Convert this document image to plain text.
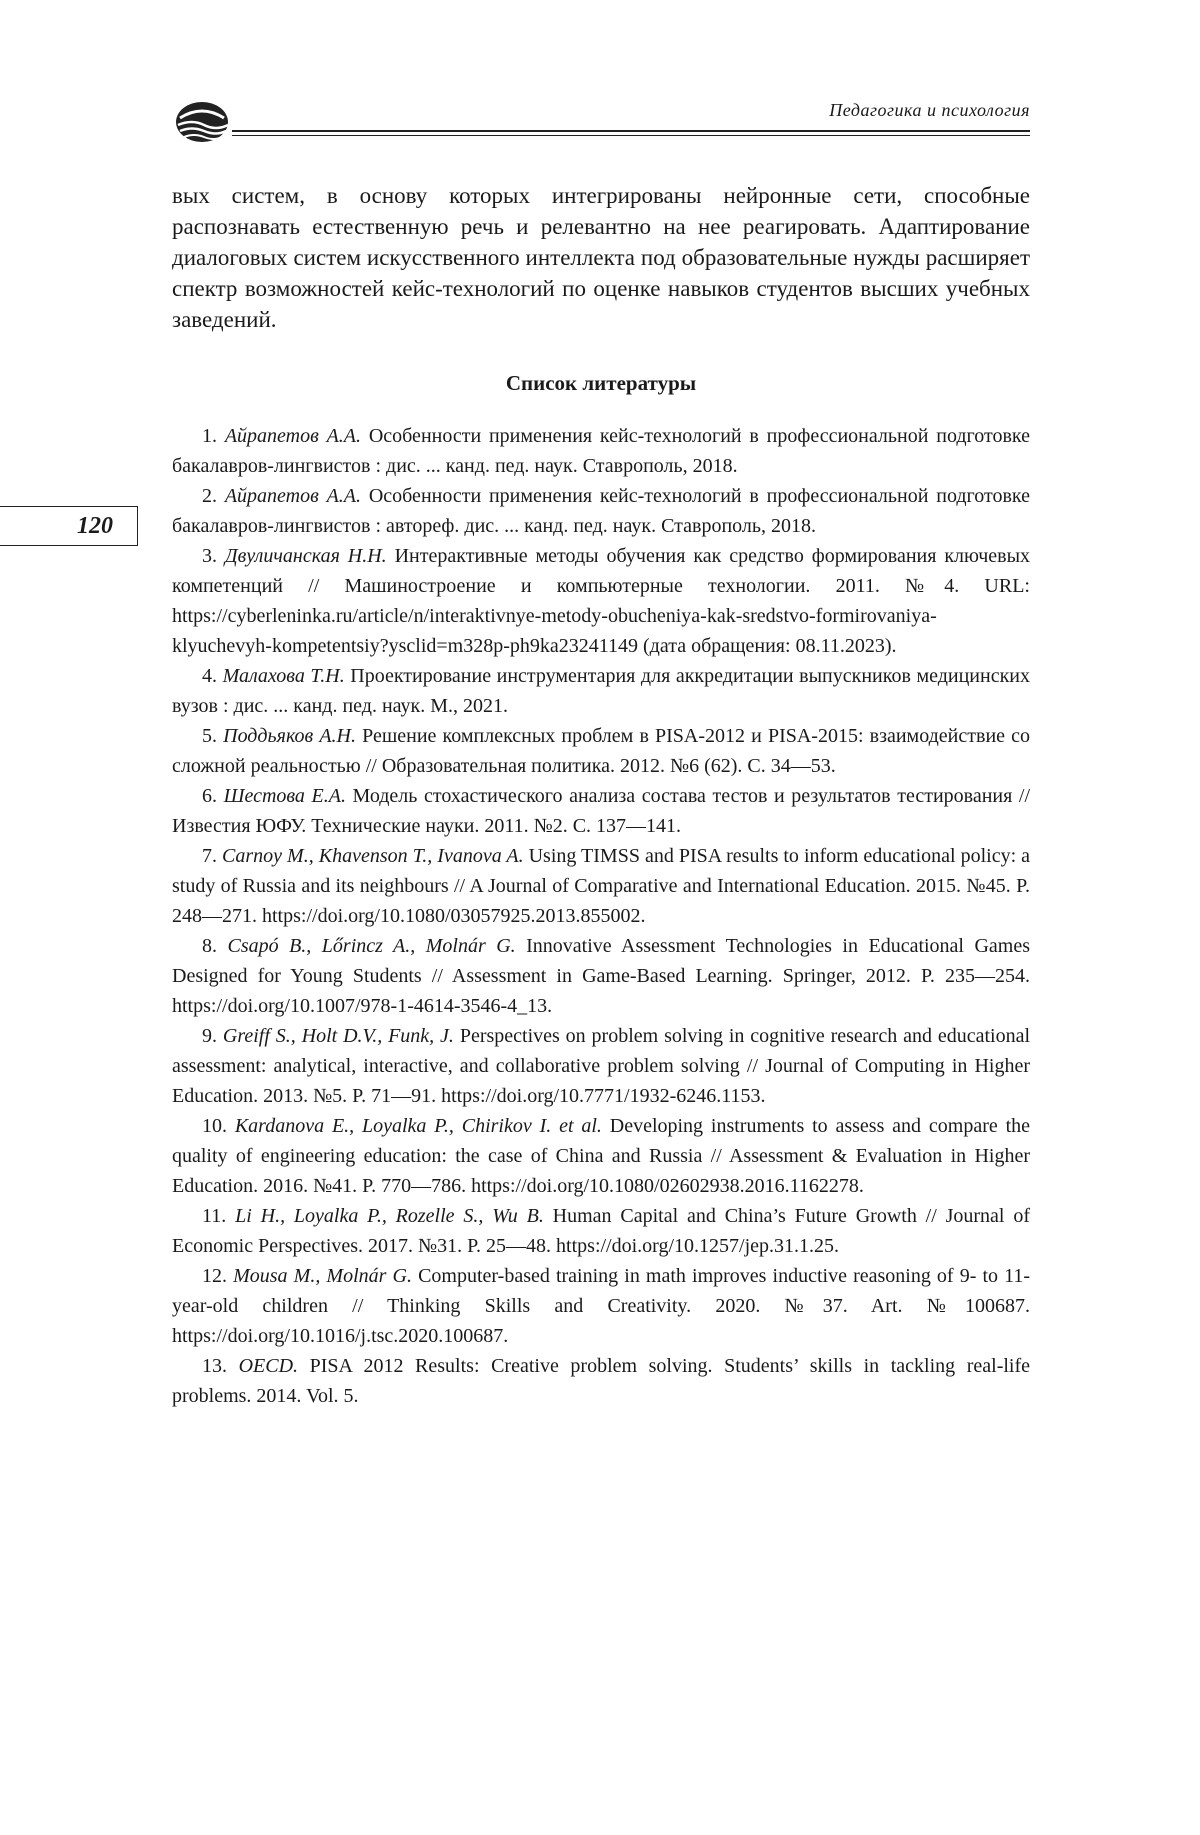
Педагогика и психология
120

вых систем, в основу которых интегрированы нейронные сети, способные распознавать естественную речь и релевантно на нее реагировать. Адаптирование диалоговых систем искусственного интеллекта под образовательные нужды расширяет спектр возможностей кейс-технологий по оценке навыков студентов высших учебных заведений.

Список литературы
1. Айрапетов А.А. Особенности применения кейс-технологий в профессиональной подготовке бакалавров-лингвистов : дис. ... канд. пед. наук. Ставрополь, 2018.
2. Айрапетов А.А. Особенности применения кейс-технологий в профессиональной подготовке бакалавров-лингвистов : автореф. дис. ... канд. пед. наук. Ставрополь, 2018.
3. Двуличанская Н.Н. Интерактивные методы обучения как средство формирования ключевых компетенций // Машиностроение и компьютерные технологии. 2011. №4. URL: https://cyberleninka.ru/article/n/interaktivnye-metody-obucheniya-kak-sredstvo-formirovaniya-klyuchevyh-kompetentsiy?ysclid=m328p-ph9ka23241149 (дата обращения: 08.11.2023).
4. Малахова Т.Н. Проектирование инструментария для аккредитации выпускников медицинских вузов : дис. ... канд. пед. наук. М., 2021.
5. Поддьяков А.Н. Решение комплексных проблем в PISA-2012 и PISA-2015: взаимодействие со сложной реальностью // Образовательная политика. 2012. №6 (62). С. 34—53.
6. Шестова Е.А. Модель стохастического анализа состава тестов и результатов тестирования // Известия ЮФУ. Технические науки. 2011. №2. С. 137—141.
7. Carnoy M., Khavenson T., Ivanova A. Using TIMSS and PISA results to inform educational policy: a study of Russia and its neighbours // A Journal of Comparative and International Education. 2015. №45. P. 248—271. https://doi.org/10.1080/03057925.2013.855002.
8. Csapó B., Lőrincz A., Molnár G. Innovative Assessment Technologies in Educational Games Designed for Young Students // Assessment in Game-Based Learning. Springer, 2012. P. 235—254. https://doi.org/10.1007/978-1-4614-3546-4_13.
9. Greiff S., Holt D.V., Funk, J. Perspectives on problem solving in cognitive research and educational assessment: analytical, interactive, and collaborative problem solving // Journal of Computing in Higher Education. 2013. №5. P. 71—91. https://doi.org/10.7771/1932-6246.1153.
10. Kardanova E., Loyalka P., Chirikov I. et al. Developing instruments to assess and compare the quality of engineering education: the case of China and Russia // Assessment & Evaluation in Higher Education. 2016. №41. P. 770—786. https://doi.org/10.1080/02602938.2016.1162278.
11. Li H., Loyalka P., Rozelle S., Wu B. Human Capital and China’s Future Growth // Journal of Economic Perspectives. 2017. №31. P. 25—48. https://doi.org/10.1257/jep.31.1.25.
12. Mousa M., Molnár G. Computer-based training in math improves inductive reasoning of 9- to 11-year-old children // Thinking Skills and Creativity. 2020. №37. Art. №100687. https://doi.org/10.1016/j.tsc.2020.100687.
13. OECD. PISA 2012 Results: Creative problem solving. Students’ skills in tackling real-life problems. 2014. Vol. 5.
